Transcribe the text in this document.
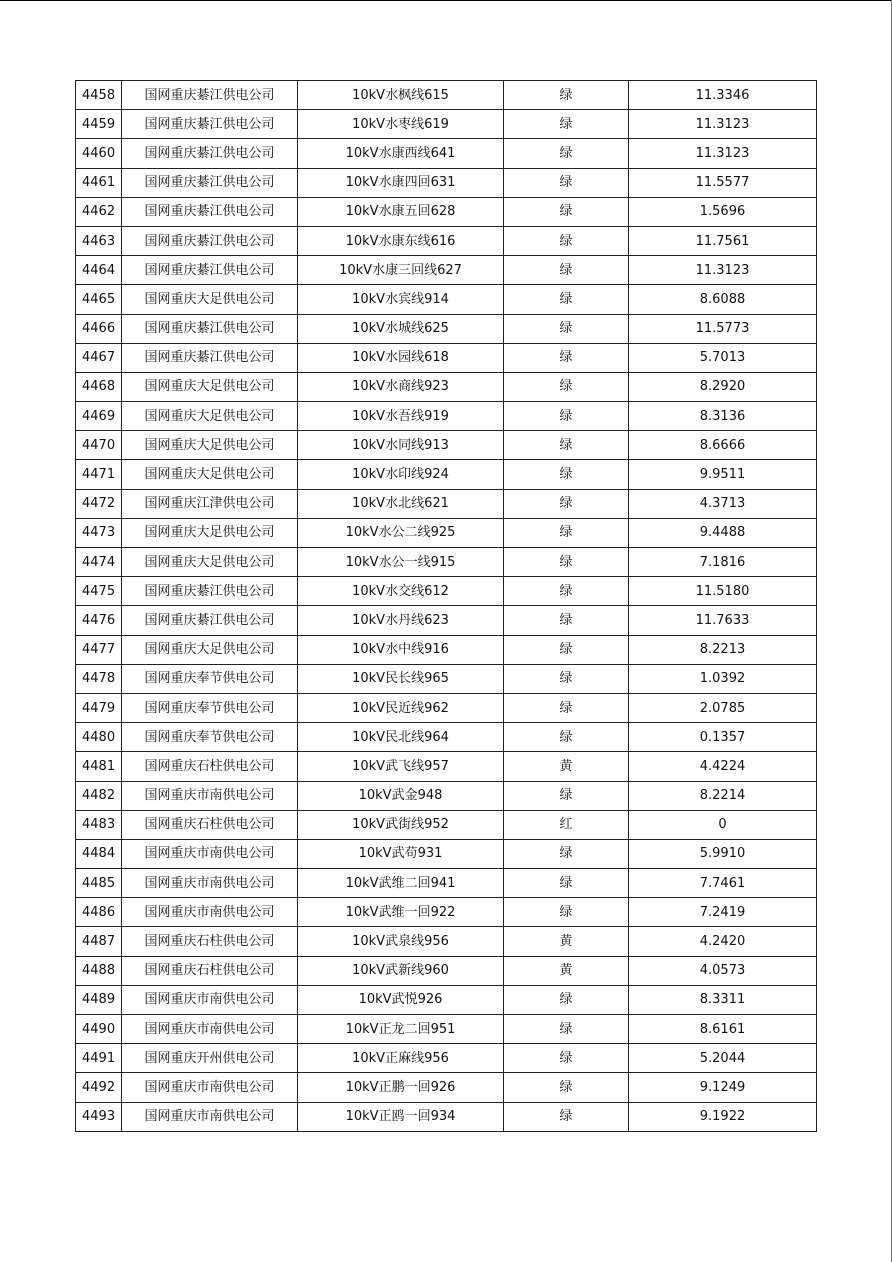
4458	国网重庆綦江供电公司	10kV水枫线615	绿	11.3346
4459	国网重庆綦江供电公司	10kV水枣线619	绿	11.3123
4460	国网重庆綦江供电公司	10kV水康西线641	绿	11.3123
4461	国网重庆綦江供电公司	10kV水康四回631	绿	11.5577
4462	国网重庆綦江供电公司	10kV水康五回628	绿	1.5696
4463	国网重庆綦江供电公司	10kV水康东线616	绿	11.7561
4464	国网重庆綦江供电公司	10kV水康三回线627	绿	11.3123
4465	国网重庆大足供电公司	10kV水宾线914	绿	8.6088
4466	国网重庆綦江供电公司	10kV水城线625	绿	11.5773
4467	国网重庆綦江供电公司	10kV水园线618	绿	5.7013
4468	国网重庆大足供电公司	10kV水商线923	绿	8.2920
4469	国网重庆大足供电公司	10kV水吾线919	绿	8.3136
4470	国网重庆大足供电公司	10kV水同线913	绿	8.6666
4471	国网重庆大足供电公司	10kV水印线924	绿	9.9511
4472	国网重庆江津供电公司	10kV水北线621	绿	4.3713
4473	国网重庆大足供电公司	10kV水公二线925	绿	9.4488
4474	国网重庆大足供电公司	10kV水公一线915	绿	7.1816
4475	国网重庆綦江供电公司	10kV水交线612	绿	11.5180
4476	国网重庆綦江供电公司	10kV水丹线623	绿	11.7633
4477	国网重庆大足供电公司	10kV水中线916	绿	8.2213
4478	国网重庆奉节供电公司	10kV民长线965	绿	1.0392
4479	国网重庆奉节供电公司	10kV民近线962	绿	2.0785
4480	国网重庆奉节供电公司	10kV民北线964	绿	0.1357
4481	国网重庆石柱供电公司	10kV武飞线957	黄	4.4224
4482	国网重庆市南供电公司	10kV武金948	绿	8.2214
4483	国网重庆石柱供电公司	10kV武街线952	红	0
4484	国网重庆市南供电公司	10kV武苟931	绿	5.9910
4485	国网重庆市南供电公司	10kV武维二回941	绿	7.7461
4486	国网重庆市南供电公司	10kV武维一回922	绿	7.2419
4487	国网重庆石柱供电公司	10kV武泉线956	黄	4.2420
4488	国网重庆石柱供电公司	10kV武新线960	黄	4.0573
4489	国网重庆市南供电公司	10kV武悦926	绿	8.3311
4490	国网重庆市南供电公司	10kV正龙二回951	绿	8.6161
4491	国网重庆开州供电公司	10kV正麻线956	绿	5.2044
4492	国网重庆市南供电公司	10kV正鹏一回926	绿	9.1249
4493	国网重庆市南供电公司	10kV正鸥一回934	绿	9.1922
